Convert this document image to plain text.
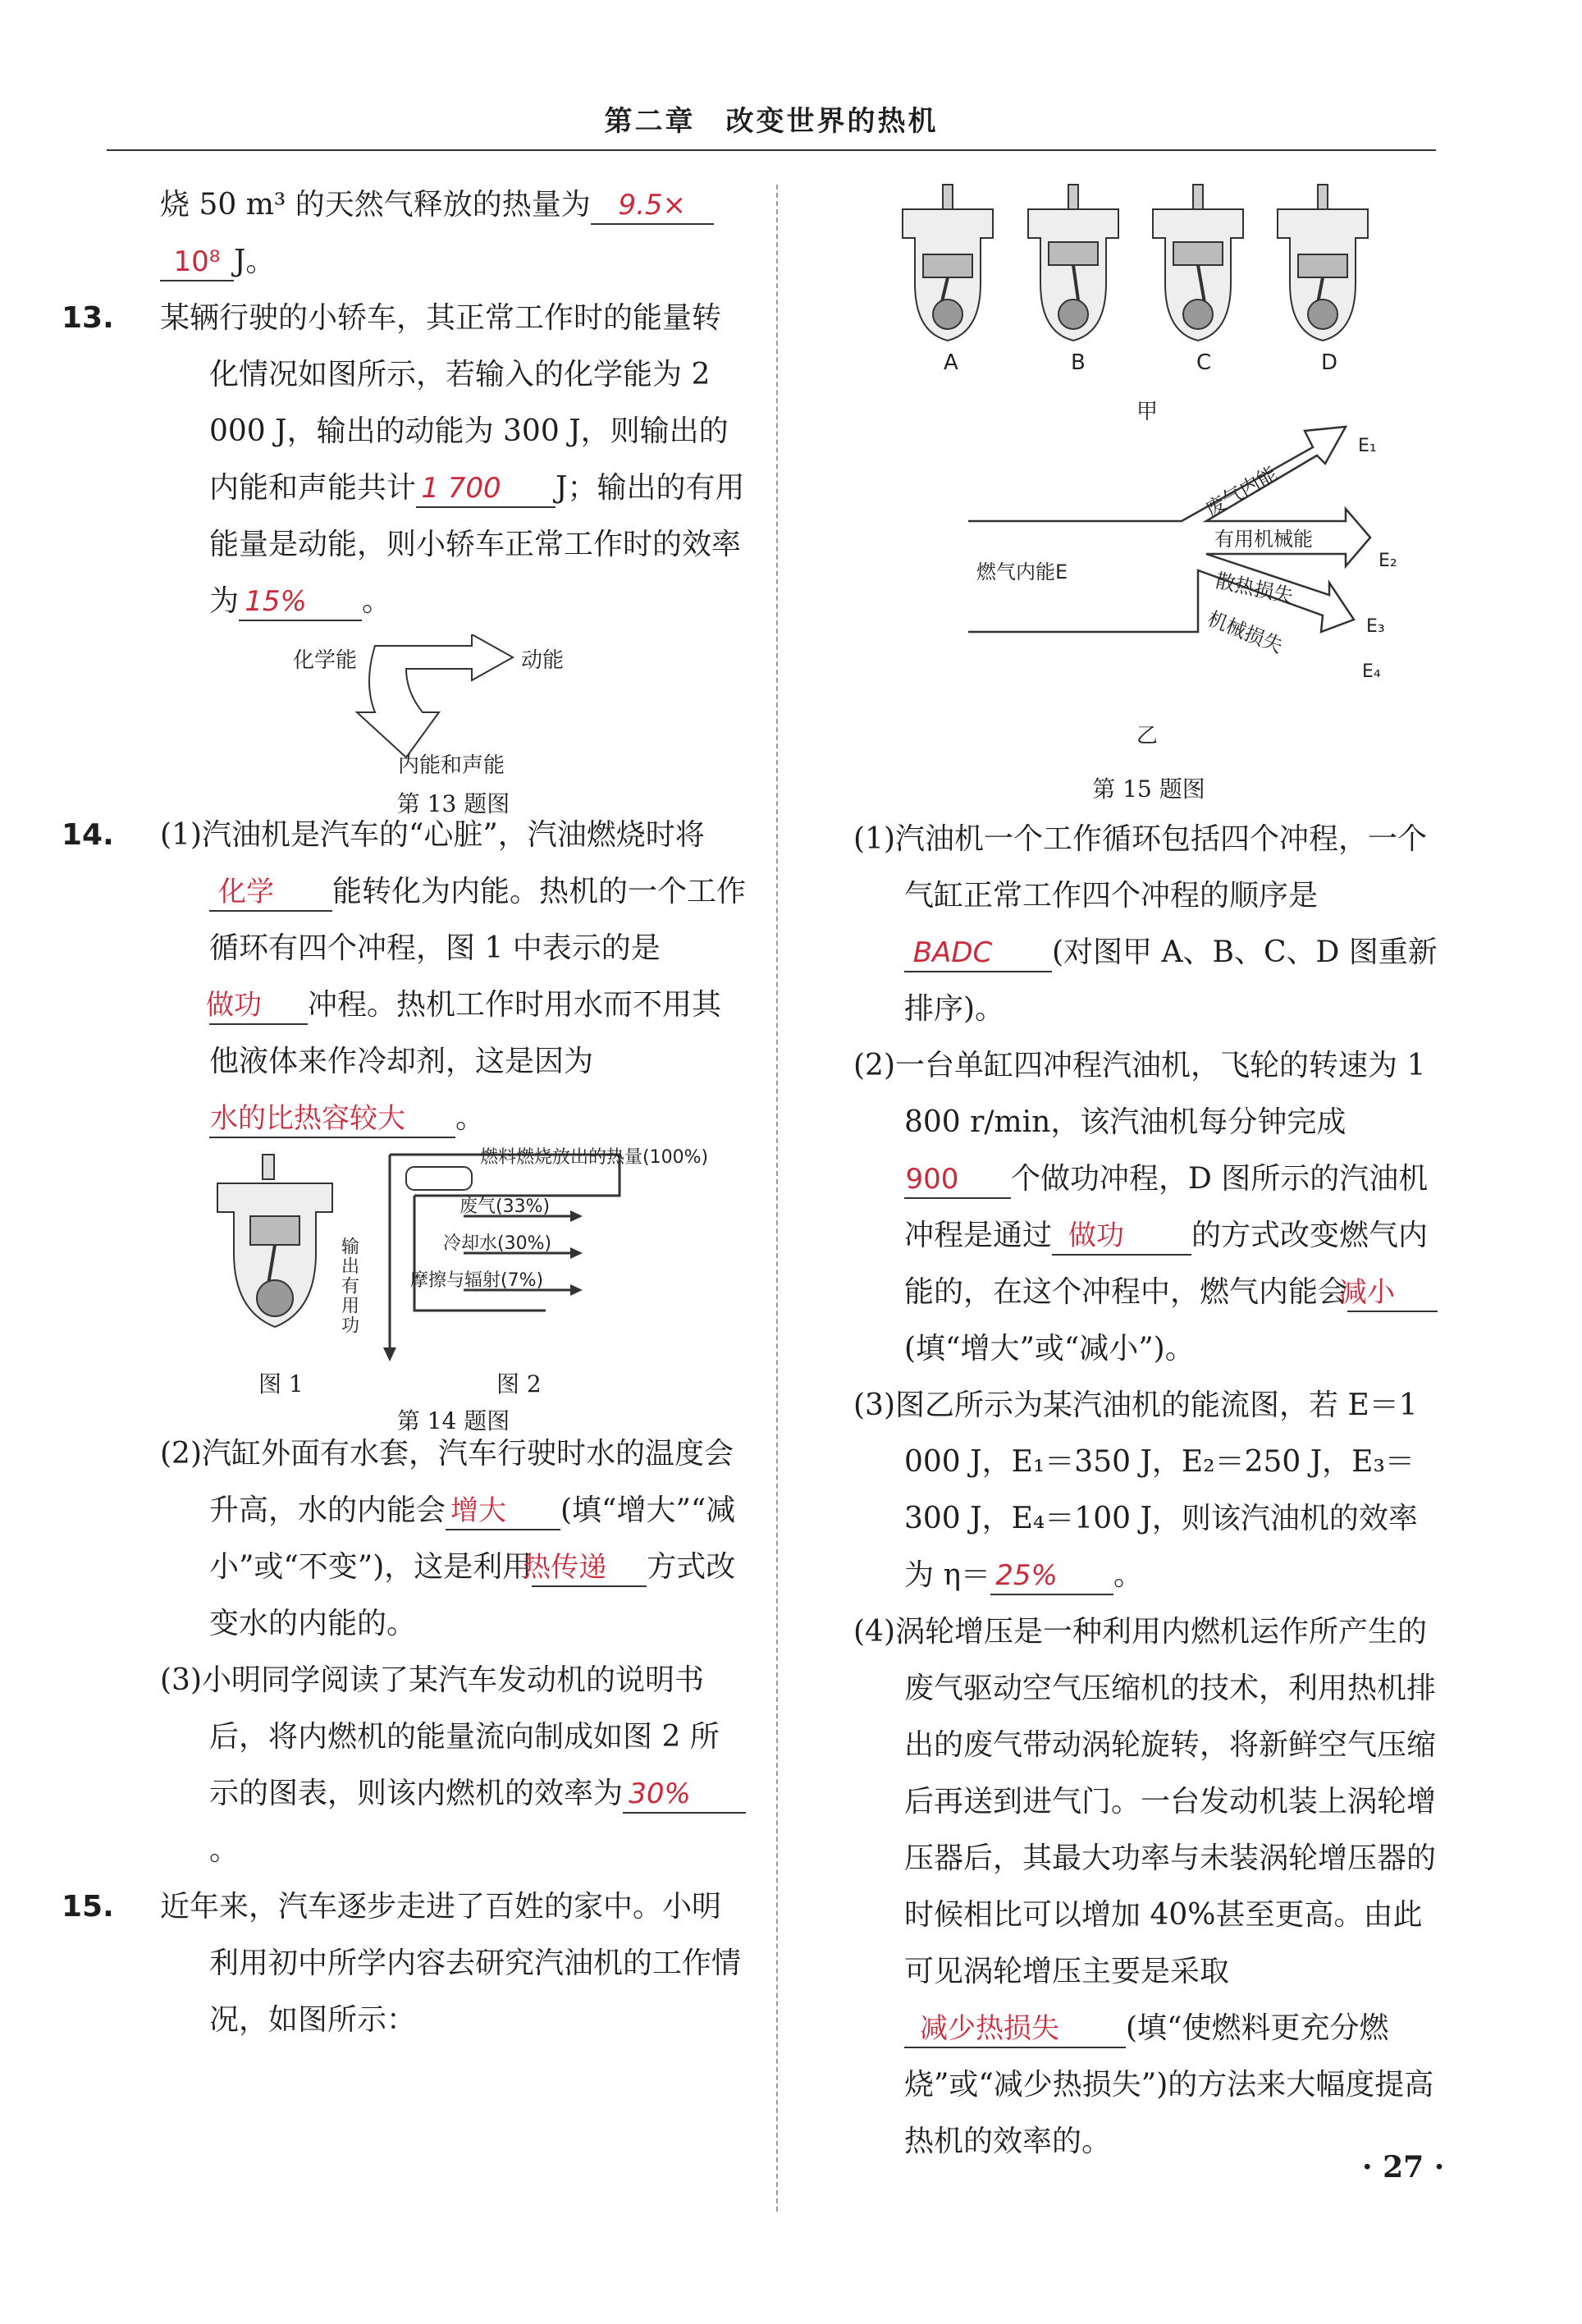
第二章　改变世界的热机

烧 50 m³ 的天然气释放的热量为 9.5×
10⁸ J。

13. 某辆行驶的小轿车，其正常工作时的能量转化情况如图所示，若输入的化学能为 2 000 J，输出的动能为 300 J，则输出的内能和声能共计 1 700 J；输出的有用能量是动能，则小轿车正常工作时的效率为 15% 。

化学能	动能
内能和声能
第 13 题图

14. (1)汽油机是汽车的“心脏”，汽油燃烧时将化学 能转化为内能。热机的一个工作循环有四个冲程，图 1 中表示的是做功 冲程。热机工作时用水而不用其他液体来作冷却剂，这是因为水的比热容较大 。

燃料燃烧放出的热量(100%)
废气(33%)
冷却水(30%)
摩擦与辐射(7%)
输出有用功
图 1	图 2
第 14 题图

(2)汽缸外面有水套，汽车行驶时水的温度会升高，水的内能会 增大 (填“增大”“减小”或“不变”)，这是利用热传递 方式改变水的内能的。

(3)小明同学阅读了某汽车发动机的说明书后，将内燃机的能量流向制成如图 2 所示的图表，则该内燃机的效率为 30%。

15. 近年来，汽车逐步走进了百姓的家中。小明利用初中所学内容去研究汽油机的工作情况，如图所示：

A	B	C	D
甲
燃气内能E
废气内能
有用机械能
散热损失
机械损失
E₁
E₂
E₃
E₄
乙
第 15 题图

(1)汽油机一个工作循环包括四个冲程，一个气缸正常工作四个冲程的顺序是BADC (对图甲 A、B、C、D 图重新排序)。

(2)一台单缸四冲程汽油机，飞轮的转速为 1 800 r/min，该汽油机每分钟完成900 个做功冲程，D 图所示的汽油机冲程是通过 做功 的方式改变燃气内能的，在这个冲程中，燃气内能会减小(填“增大”或“减小”)。

(3)图乙所示为某汽油机的能流图，若 E＝1 000 J，E₁＝350 J，E₂＝250 J，E₃＝300 J，E₄＝100 J，则该汽油机的效率为 η＝ 25% 。

(4)涡轮增压是一种利用内燃机运作所产生的废气驱动空气压缩机的技术，利用热机排出的废气带动涡轮旋转，将新鲜空气压缩后再送到进气门。一台发动机装上涡轮增压器后，其最大功率与未装涡轮增压器的时候相比可以增加 40%甚至更高。由此可见涡轮增压主要是采取减少热损失 (填“使燃料更充分燃烧”或“减少热损失”)的方法来大幅度提高热机的效率的。

· 27 ·
